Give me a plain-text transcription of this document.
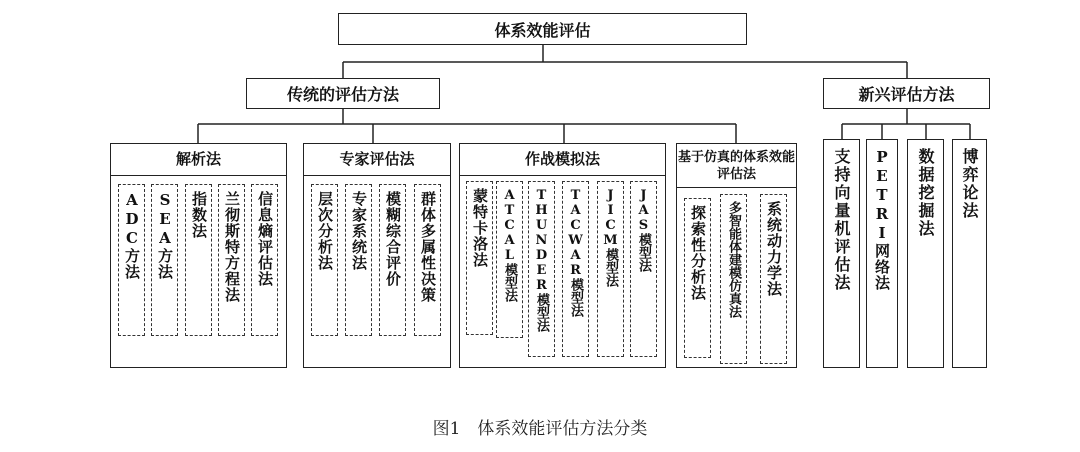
体系效能评估
传统的评估方法	新兴评估方法
解析法
ADC方法 SEA方法 指数法 兰彻斯特方程法 信息熵评估法
专家评估法
层次分析法 专家系统法 模糊综合评价 群体多属性决策
作战模拟法
蒙特卡洛法 ATCAL模型法 THUNDER模型法 TACWAR模型法 JICM模型法 JAS模型法
基于仿真的体系效能评估法
探索性分析法 多智能体建模仿真法 系统动力学法	支持向量机评估法 PETRI网络法 数据挖掘法 博弈论法
图1　体系效能评估方法分类
